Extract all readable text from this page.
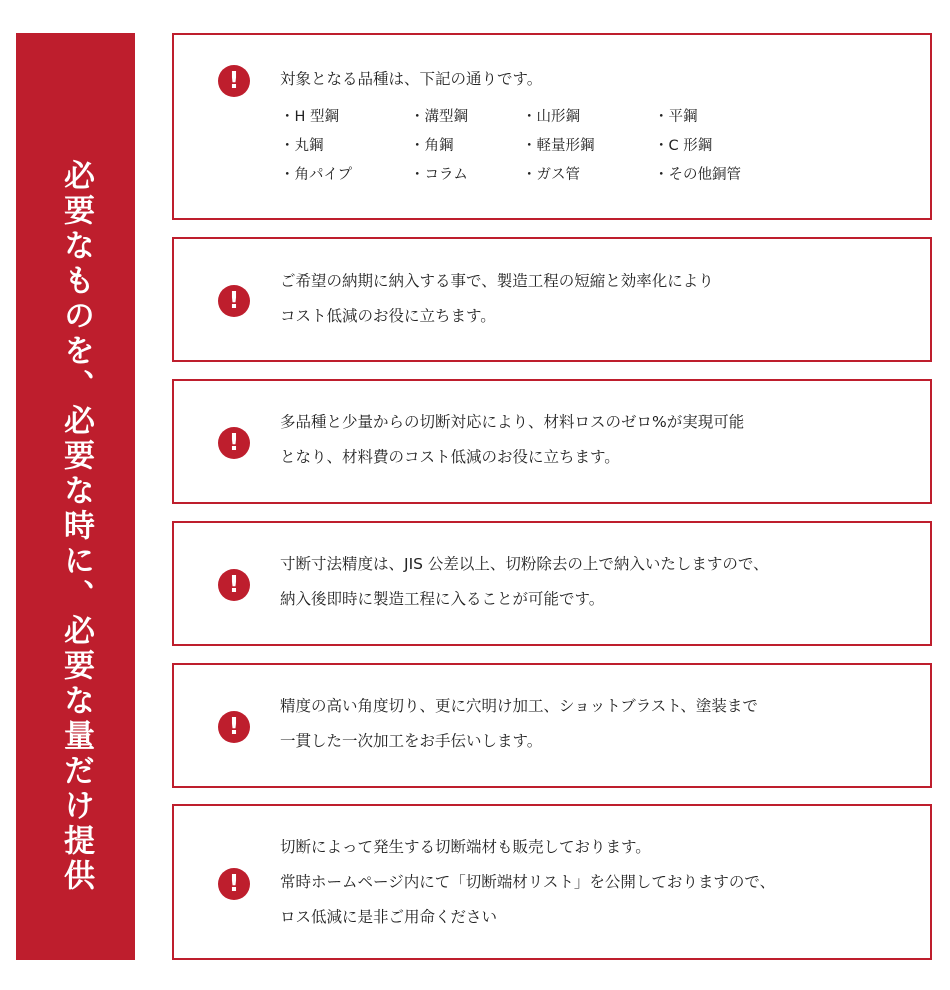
必要なものを、必要な時に、必要な量だけ提供
!	対象となる品種は、下記の通りです。
・H 型鋼	・溝型鋼	・山形鋼	・平鋼
・丸鋼	・角鋼	・軽量形鋼	・C 形鋼
・角パイプ	・コラム	・ガス管	・その他銅管
!
ご希望の納期に納入する事で、製造工程の短縮と効率化により
コスト低減のお役に立ちます。
!
多品種と少量からの切断対応により、材料ロスのゼロ%が実現可能
となり、材料費のコスト低減のお役に立ちます。
!
寸断寸法精度は、JIS 公差以上、切粉除去の上で納入いたしますので、
納入後即時に製造工程に入ることが可能です。
!
精度の高い角度切り、更に穴明け加工、ショットブラスト、塗装まで
一貫した一次加工をお手伝いします。
!
切断によって発生する切断端材も販売しております。
常時ホームページ内にて「切断端材リスト」を公開しておりますので、
ロス低減に是非ご用命ください
